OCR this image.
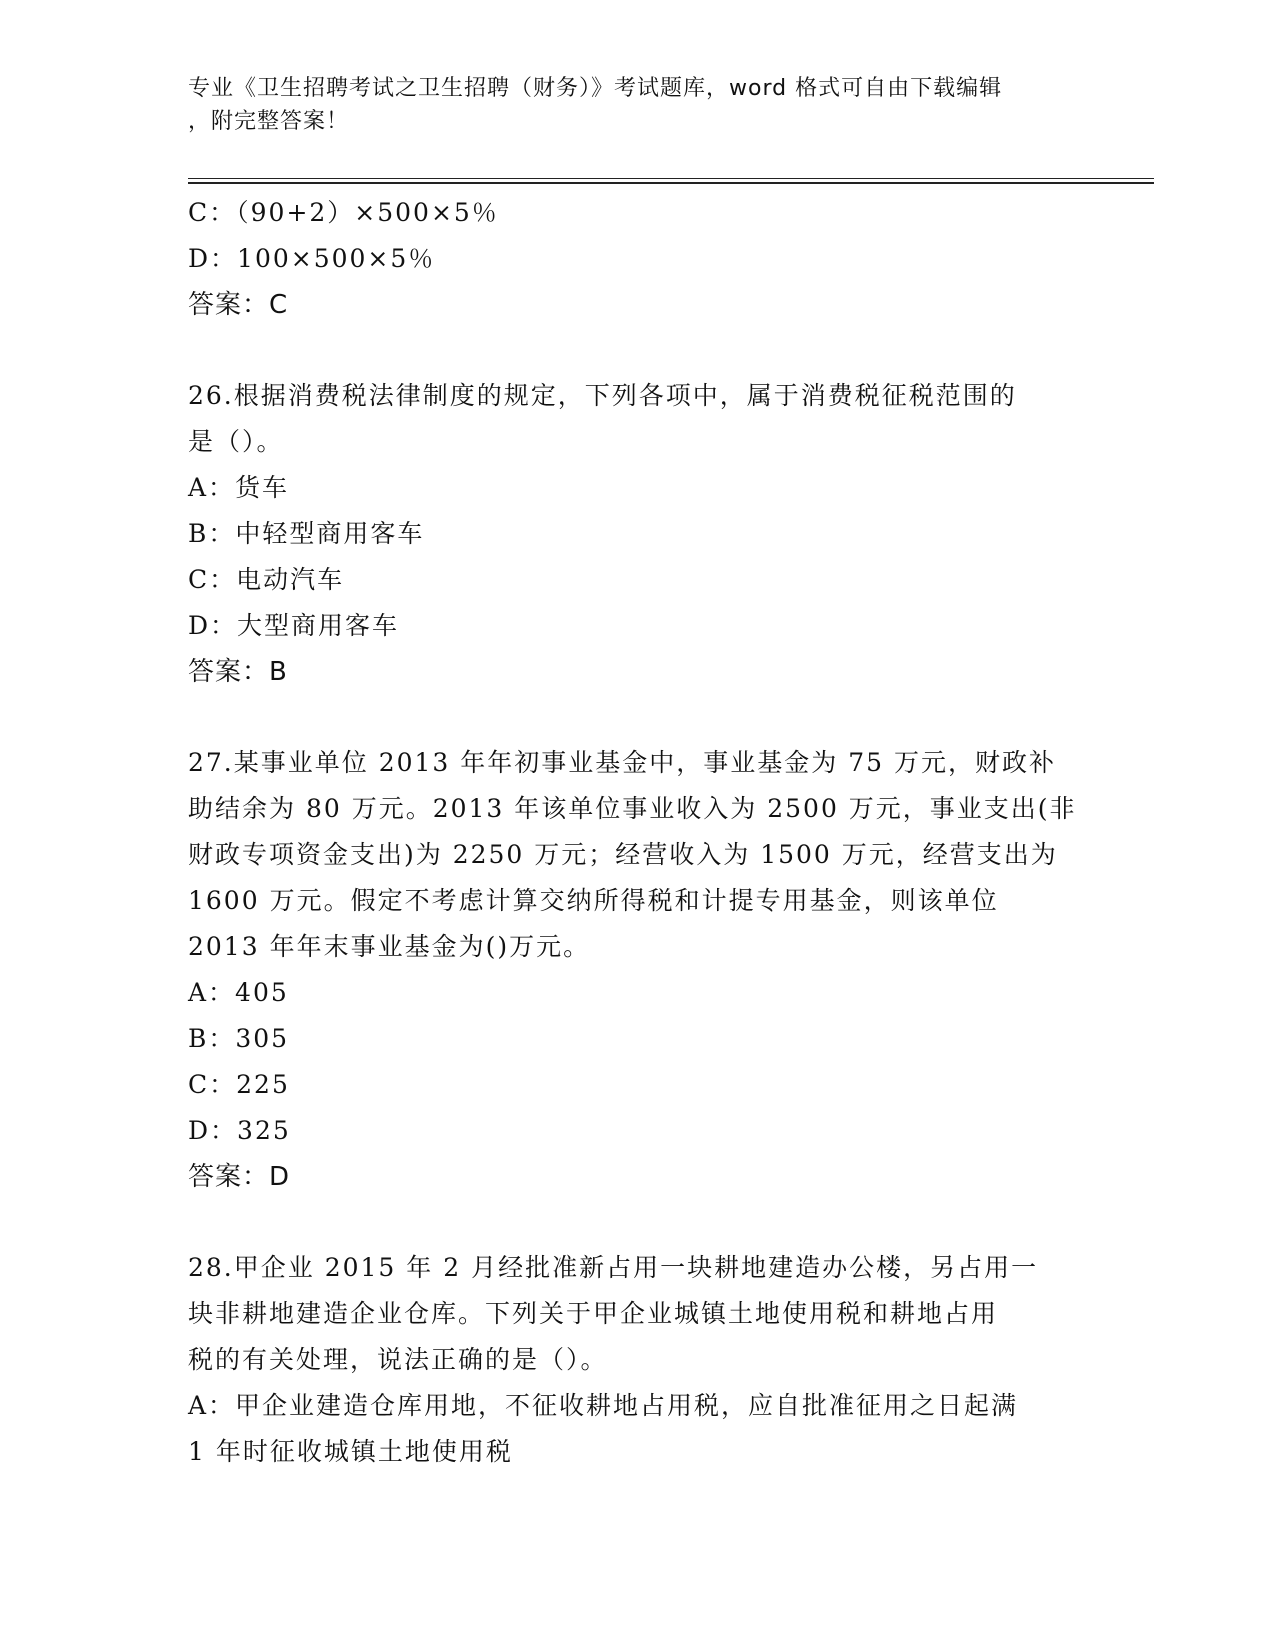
专业《卫生招聘考试之卫生招聘（财务）》考试题库，word 格式可自由下载编辑
，附完整答案！
C：（90+2）×500×5％
D：100×500×5％
答案：C
26.根据消费税法律制度的规定，下列各项中，属于消费税征税范围的
是（）。
A：货车
B：中轻型商用客车
C：电动汽车
D：大型商用客车
答案：B
27.某事业单位 2013 年年初事业基金中，事业基金为 75 万元，财政补
助结余为 80 万元。2013 年该单位事业收入为 2500 万元，事业支出(非
财政专项资金支出)为 2250 万元；经营收入为 1500 万元，经营支出为
1600 万元。假定不考虑计算交纳所得税和计提专用基金，则该单位
2013 年年末事业基金为()万元。
A：405
B：305
C：225
D：325
答案：D
28.甲企业 2015 年 2 月经批准新占用一块耕地建造办公楼，另占用一
块非耕地建造企业仓库。下列关于甲企业城镇土地使用税和耕地占用
税的有关处理，说法正确的是（）。
A：甲企业建造仓库用地，不征收耕地占用税，应自批准征用之日起满
1 年时征收城镇土地使用税
